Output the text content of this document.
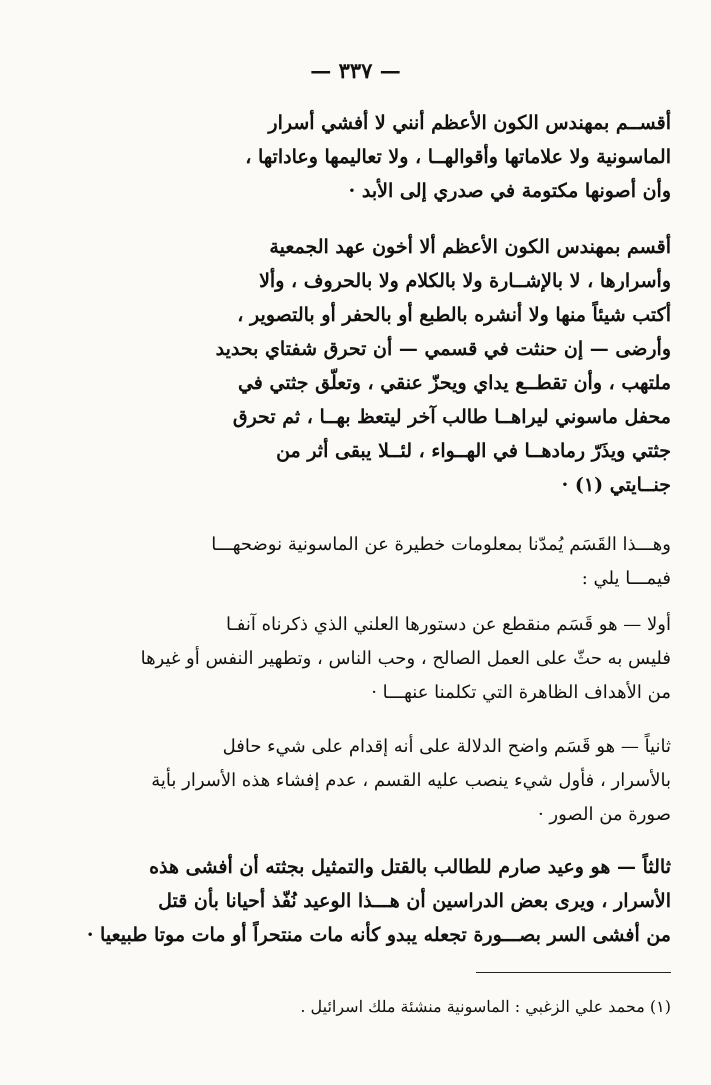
— ٣٣٧ —
أقســم بمهندس الكون الأعظم أنني لا أفشي أسرار
الماسونية ولا علاماتها وأقوالهــا ، ولا تعاليمها وعاداتها ،
وأن أصونها مكتومة في صدري إلى الأبد ·
أقسم بمهندس الكون الأعظم ألا أخون عهد الجمعية
وأسرارها ، لا بالإشــارة ولا بالكلام ولا بالحروف ، وألا
أكتب شيئاً منها ولا أنشره بالطبع أو بالحفر أو بالتصوير ،
وأرضى — إن حنثت في قسمي — أن تحرق شفتاي بحديد
ملتهب ، وأن تقطــع يداي ويحزّ عنقي ، وتعلّق جثتي في
محفل ماسوني ليراهــا طالب آخر ليتعظ بهــا ، ثم تحرق
جثتي ويذَرّ رمادهــا في الهــواء ، لئــلا يبقى أثر من
جنــايتي (١) ·
وهـــذا القَسَم يُمدّنا بمعلومات خطيرة عن الماسونية نوضحهـــا
فيمـــا يلي :
أولا — هو قَسَم منقطع عن دستورها العلني الذي ذكرناه آنفـا
فليس به حثّ على العمل الصالح ، وحب الناس ، وتطهير النفس أو غيرها
من الأهداف الظاهرة التي تكلمنا عنهـــا ·
ثانياً — هو قَسَم واضح الدلالة على أنه إقدام على شيء حافل
بالأسرار ، فأول شيء ينصب عليه القسم ، عدم إفشاء هذه الأسرار بأية
صورة من الصور ·
ثالثاً — هو وعيد صارم للطالب بالقتل والتمثيل بجثته أن أفشى هذه
الأسرار ، ويرى بعض الدراسين أن هـــذا الوعيد نُفّذ أحيانا بأن قتل
من أفشى السر بصـــورة تجعله يبدو كأنه مات منتحراً أو مات موتا طبيعيا ·
(١) محمد علي الزغبي : الماسونية منشئة ملك اسرائيل .
